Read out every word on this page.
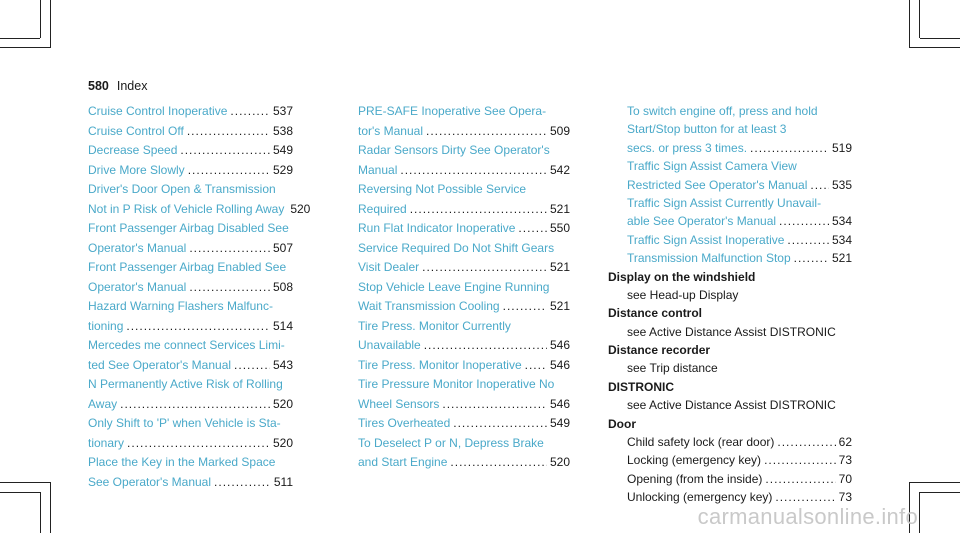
580 Index
Cruise Control Inoperative .....	537
Cruise Control Off .....	538
Decrease Speed .....	549
Drive More Slowly .....	529
Driver's Door Open & Transmission
Not in P Risk of Vehicle Rolling Away 520
Front Passenger Airbag Disabled See
Operator's Manual .....	507
Front Passenger Airbag Enabled See
Operator's Manual .....	508
Hazard Warning Flashers Malfunc-
tioning .....	514
Mercedes me connect Services Limi-
ted See Operator's Manual .....	543
N Permanently Active Risk of Rolling
Away .....	520
Only Shift to 'P' when Vehicle is Sta-
tionary .....	520
Place the Key in the Marked Space
See Operator's Manual .....	511
PRE-SAFE Inoperative See Opera-
tor's Manual .....	509
Radar Sensors Dirty See Operator's
Manual .....	542
Reversing Not Possible Service
Required .....	521
Run Flat Indicator Inoperative .....	550
Service Required Do Not Shift Gears
Visit Dealer .....	521
Stop Vehicle Leave Engine Running
Wait Transmission Cooling .....	521
Tire Press. Monitor Currently
Unavailable .....	546
Tire Press. Monitor Inoperative ..... 546
Tire Pressure Monitor Inoperative No
Wheel Sensors .....	546
Tires Overheated .....	549
To Deselect P or N, Depress Brake
and Start Engine .....	520
To switch engine off, press and hold
Start/Stop button for at least 3
secs. or press 3 times. .....	519
Traffic Sign Assist Camera View
Restricted See Operator's Manual ..... 535
Traffic Sign Assist Currently Unavail-
able See Operator's Manual .....	534
Traffic Sign Assist Inoperative .....	534
Transmission Malfunction Stop .....	521
Display on the windshield
see Head-up Display
Distance control
see Active Distance Assist DISTRONIC
Distance recorder
see Trip distance
DISTRONIC
see Active Distance Assist DISTRONIC
Door
Child safety lock (rear door) .....	62
Locking (emergency key) .....	73
Opening (from the inside) .....	70
Unlocking (emergency key) .....	73
carmanualsonline.info
